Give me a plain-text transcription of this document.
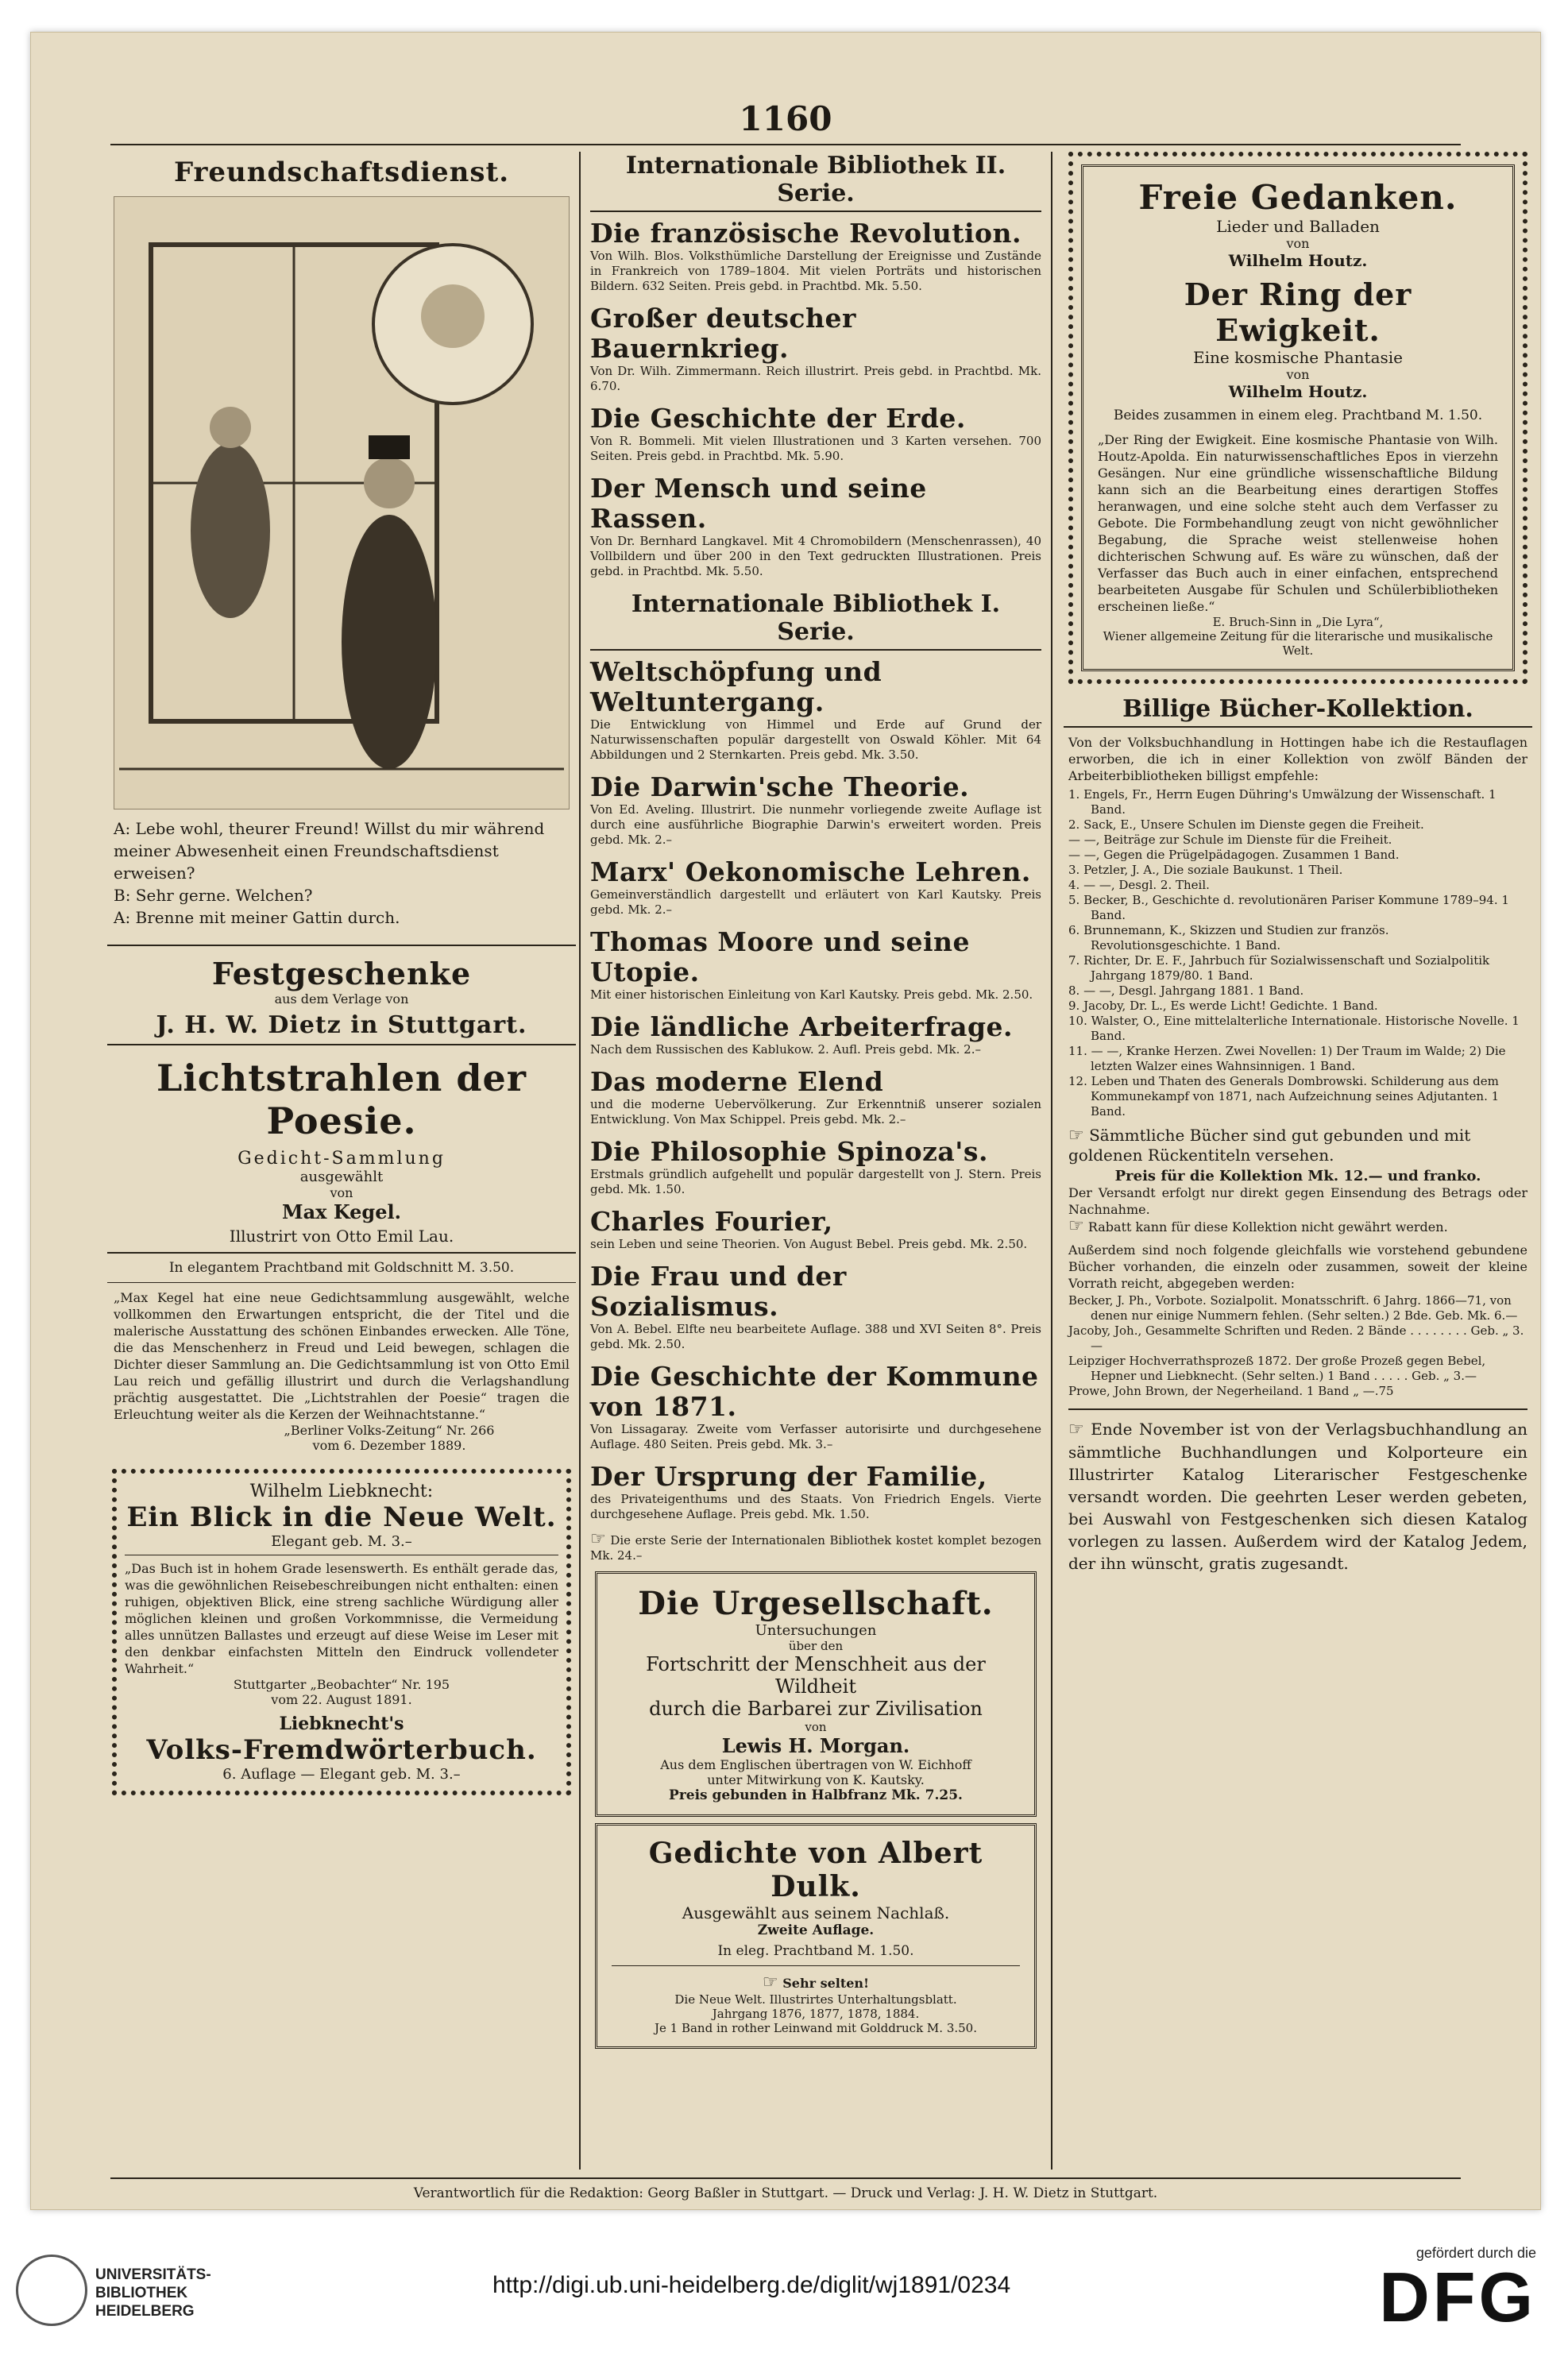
1160
Freundschaftsdienst.
A: Lebe wohl, theurer Freund! Willst du mir während meiner Abwesenheit einen Freundschaftsdienst erweisen?
B: Sehr gerne. Welchen?
A: Brenne mit meiner Gattin durch.
Festgeschenke
aus dem Verlage von
J. H. W. Dietz in Stuttgart.
Lichtstrahlen der Poesie.
Gedicht-Sammlung
ausgewählt
von
Max Kegel.
Illustrirt von Otto Emil Lau.
In elegantem Prachtband mit Goldschnitt M. 3.50.
„Max Kegel hat eine neue Gedichtsammlung ausgewählt, welche vollkommen den Erwartungen entspricht, die der Titel und die malerische Ausstattung des schönen Einbandes erwecken. Alle Töne, die das Menschenherz in Freud und Leid bewegen, schlagen die Dichter dieser Sammlung an. Die Gedichtsammlung ist von Otto Emil Lau reich und gefällig illustrirt und durch die Verlagshandlung prächtig ausgestattet. Die „Lichtstrahlen der Poesie“ tragen die Erleuchtung weiter als die Kerzen der Weihnachtstanne.“
„Berliner Volks-Zeitung“ Nr. 266
vom 6. Dezember 1889.
Wilhelm Liebknecht:
Ein Blick in die Neue Welt.
Elegant geb. M. 3.–
„Das Buch ist in hohem Grade lesenswerth. Es enthält gerade das, was die gewöhnlichen Reisebeschreibungen nicht enthalten: einen ruhigen, objektiven Blick, eine streng sachliche Würdigung aller möglichen kleinen und großen Vorkommnisse, die Vermeidung alles unnützen Ballastes und erzeugt auf diese Weise im Leser mit den denkbar einfachsten Mitteln den Eindruck vollendeter Wahrheit.“
Stuttgarter „Beobachter“ Nr. 195
vom 22. August 1891.
Liebknecht's
Volks-Fremdwörterbuch.
6. Auflage — Elegant geb. M. 3.–
Internationale Bibliothek II. Serie.
Die französische Revolution.
Von Wilh. Blos. Volksthümliche Darstellung der Ereignisse und Zustände in Frankreich von 1789–1804. Mit vielen Porträts und historischen Bildern. 632 Seiten. Preis gebd. in Prachtbd. Mk. 5.50.
Großer deutscher Bauernkrieg.
Von Dr. Wilh. Zimmermann. Reich illustrirt. Preis gebd. in Prachtbd. Mk. 6.70.
Die Geschichte der Erde.
Von R. Bommeli. Mit vielen Illustrationen und 3 Karten versehen. 700 Seiten. Preis gebd. in Prachtbd. Mk. 5.90.
Der Mensch und seine Rassen.
Von Dr. Bernhard Langkavel. Mit 4 Chromobildern (Menschenrassen), 40 Vollbildern und über 200 in den Text gedruckten Illustrationen. Preis gebd. in Prachtbd. Mk. 5.50.
Internationale Bibliothek I. Serie.
Weltschöpfung und Weltuntergang.
Die Entwicklung von Himmel und Erde auf Grund der Naturwissenschaften populär dargestellt von Oswald Köhler. Mit 64 Abbildungen und 2 Sternkarten. Preis gebd. Mk. 3.50.
Die Darwin'sche Theorie.
Von Ed. Aveling. Illustrirt. Die nunmehr vorliegende zweite Auflage ist durch eine ausführliche Biographie Darwin's erweitert worden. Preis gebd. Mk. 2.–
Marx' Oekonomische Lehren.
Gemeinverständlich dargestellt und erläutert von Karl Kautsky. Preis gebd. Mk. 2.–
Thomas Moore und seine Utopie.
Mit einer historischen Einleitung von Karl Kautsky. Preis gebd. Mk. 2.50.
Die ländliche Arbeiterfrage.
Nach dem Russischen des Kablukow. 2. Aufl. Preis gebd. Mk. 2.–
Das moderne Elend
und die moderne Uebervölkerung. Zur Erkenntniß unserer sozialen Entwicklung. Von Max Schippel. Preis gebd. Mk. 2.–
Die Philosophie Spinoza's.
Erstmals gründlich aufgehellt und populär dargestellt von J. Stern. Preis gebd. Mk. 1.50.
Charles Fourier,
sein Leben und seine Theorien. Von August Bebel. Preis gebd. Mk. 2.50.
Die Frau und der Sozialismus.
Von A. Bebel. Elfte neu bearbeitete Auflage. 388 und XVI Seiten 8°. Preis gebd. Mk. 2.50.
Die Geschichte der Kommune von 1871.
Von Lissagaray. Zweite vom Verfasser autorisirte und durchgesehene Auflage. 480 Seiten. Preis gebd. Mk. 3.–
Der Ursprung der Familie,
des Privateigenthums und des Staats. Von Friedrich Engels. Vierte durchgesehene Auflage. Preis gebd. Mk. 1.50.
☞ Die erste Serie der Internationalen Bibliothek kostet komplet bezogen Mk. 24.–
Die Urgesellschaft.
Untersuchungen
über den
Fortschritt der Menschheit aus der Wildheit
durch die Barbarei zur Zivilisation
von
Lewis H. Morgan.
Aus dem Englischen übertragen von W. Eichhoff
unter Mitwirkung von K. Kautsky.
Preis gebunden in Halbfranz Mk. 7.25.
Gedichte von Albert Dulk.
Ausgewählt aus seinem Nachlaß.
Zweite Auflage.
In eleg. Prachtband M. 1.50.
☞ Sehr selten!
Die Neue Welt. Illustrirtes Unterhaltungsblatt.
Jahrgang 1876, 1877, 1878, 1884.
Je 1 Band in rother Leinwand mit Golddruck M. 3.50.
Freie Gedanken.
Lieder und Balladen
von
Wilhelm Houtz.
Der Ring der Ewigkeit.
Eine kosmische Phantasie
von
Wilhelm Houtz.
Beides zusammen in einem eleg. Prachtband M. 1.50.
„Der Ring der Ewigkeit. Eine kosmische Phantasie von Wilh. Houtz-Apolda. Ein naturwissenschaftliches Epos in vierzehn Gesängen. Nur eine gründliche wissenschaftliche Bildung kann sich an die Bearbeitung eines derartigen Stoffes heranwagen, und eine solche steht auch dem Verfasser zu Gebote. Die Formbehandlung zeugt von nicht gewöhnlicher Begabung, die Sprache weist stellenweise hohen dichterischen Schwung auf. Es wäre zu wünschen, daß der Verfasser das Buch auch in einer einfachen, entsprechend bearbeiteten Ausgabe für Schulen und Schülerbibliotheken erscheinen ließe.“
E. Bruch-Sinn in „Die Lyra“,
Wiener allgemeine Zeitung für die literarische und musikalische Welt.
Billige Bücher-Kollektion.
Von der Volksbuchhandlung in Hottingen habe ich die Restauflagen erworben, die ich in einer Kollektion von zwölf Bänden der Arbeiterbibliotheken billigst empfehle:
1. Engels, Fr., Herrn Eugen Dühring's Umwälzung der Wissenschaft. 1 Band.
2. Sack, E., Unsere Schulen im Dienste gegen die Freiheit.
— —, Beiträge zur Schule im Dienste für die Freiheit.
— —, Gegen die Prügelpädagogen. Zusammen 1 Band.
3. Petzler, J. A., Die soziale Baukunst. 1 Theil.
4. — —, Desgl. 2. Theil.
5. Becker, B., Geschichte d. revolutionären Pariser Kommune 1789–94. 1 Band.
6. Brunnemann, K., Skizzen und Studien zur französ. Revolutionsgeschichte. 1 Band.
7. Richter, Dr. E. F., Jahrbuch für Sozialwissenschaft und Sozialpolitik Jahrgang 1879/80. 1 Band.
8. — —, Desgl. Jahrgang 1881. 1 Band.
9. Jacoby, Dr. L., Es werde Licht! Gedichte. 1 Band.
10. Walster, O., Eine mittelalterliche Internationale. Historische Novelle. 1 Band.
11. — —, Kranke Herzen. Zwei Novellen: 1) Der Traum im Walde; 2) Die letzten Walzer eines Wahnsinnigen. 1 Band.
12. Leben und Thaten des Generals Dombrowski. Schilderung aus dem Kommunekampf von 1871, nach Aufzeichnung seines Adjutanten. 1 Band.
☞ Sämmtliche Bücher sind gut gebunden und mit goldenen Rückentiteln versehen.
Preis für die Kollektion Mk. 12.— und franko.
Der Versandt erfolgt nur direkt gegen Einsendung des Betrags oder Nachnahme.
☞ Rabatt kann für diese Kollektion nicht gewährt werden.
Außerdem sind noch folgende gleichfalls wie vorstehend gebundene Bücher vorhanden, die einzeln oder zusammen, soweit der kleine Vorrath reicht, abgegeben werden:
Becker, J. Ph., Vorbote. Sozialpolit. Monatsschrift. 6 Jahrg. 1866—71, von denen nur einige Nummern fehlen. (Sehr selten.) 2 Bde. Geb. Mk. 6.—
Jacoby, Joh., Gesammelte Schriften und Reden. 2 Bände . . . . . . . . Geb. „ 3.—
Leipziger Hochverrathsprozeß 1872. Der große Prozeß gegen Bebel, Hepner und Liebknecht. (Sehr selten.) 1 Band . . . . . Geb. „ 3.—
Prowe, John Brown, der Negerheiland. 1 Band „ —.75
☞ Ende November ist von der Verlagsbuchhandlung an sämmtliche Buchhandlungen und Kolporteure ein Illustrirter Katalog Literarischer Festgeschenke versandt worden. Die geehrten Leser werden gebeten, bei Auswahl von Festgeschenken sich diesen Katalog vorlegen zu lassen. Außerdem wird der Katalog Jedem, der ihn wünscht, gratis zugesandt.
Verantwortlich für die Redaktion: Georg Baßler in Stuttgart. — Druck und Verlag: J. H. W. Dietz in Stuttgart.
UNIVERSITÄTS-
BIBLIOTHEK
HEIDELBERG
http://digi.ub.uni-heidelberg.de/diglit/wj1891/0234
gefördert durch die
DFG
